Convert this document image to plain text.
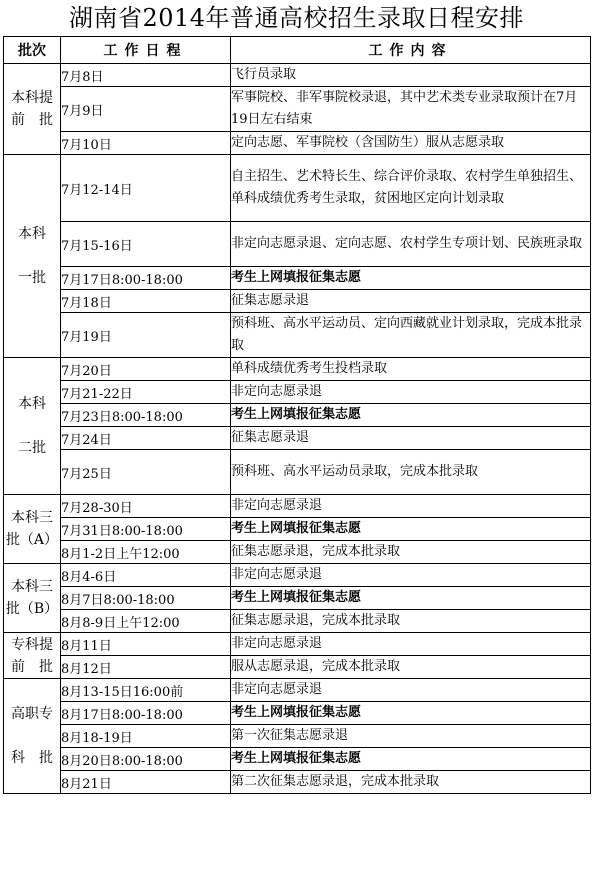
湖南省2014年普通高校招生录取日程安排
批次	工作日程	工作内容

本科提
前　批	7月8日	飞行员录取
	7月9日	军事院校、非军事院校录退，其中艺术类专业录取预计在7月19日左右结束
	7月10日	定向志愿、军事院校（含国防生）服从志愿录取

本科
一批	7月12-14日	自主招生、艺术特长生、综合评价录取、农村学生单独招生、单科成绩优秀考生录取，贫困地区定向计划录取
	7月15-16日	非定向志愿录退、定向志愿、农村学生专项计划、民族班录取
	7月17日8:00-18:00	考生上网填报征集志愿
	7月18日	征集志愿录退
	7月19日	预科班、高水平运动员、定向西藏就业计划录取，完成本批录取

本科
二批	7月20日	单科成绩优秀考生投档录取
	7月21-22日	非定向志愿录退
	7月23日8:00-18:00	考生上网填报征集志愿
	7月24日	征集志愿录退
	7月25日	预科班、高水平运动员录取，完成本批录取

本科三
批（A）	7月28-30日	非定向志愿录退
	7月31日8:00-18:00	考生上网填报征集志愿
	8月1-2日上午12:00	征集志愿录退，完成本批录取

本科三
批（B）	8月4-6日	非定向志愿录退
	8月7日8:00-18:00	考生上网填报征集志愿
	8月8-9日上午12:00	征集志愿录退，完成本批录取

专科提
前　批	8月11日	非定向志愿录退
	8月12日	服从志愿录退，完成本批录取

高职专
科　批	8月13-15日16:00前	非定向志愿录退
	8月17日8:00-18:00	考生上网填报征集志愿
	8月18-19日	第一次征集志愿录退
	8月20日8:00-18:00	考生上网填报征集志愿
	8月21日	第二次征集志愿录退，完成本批录取
